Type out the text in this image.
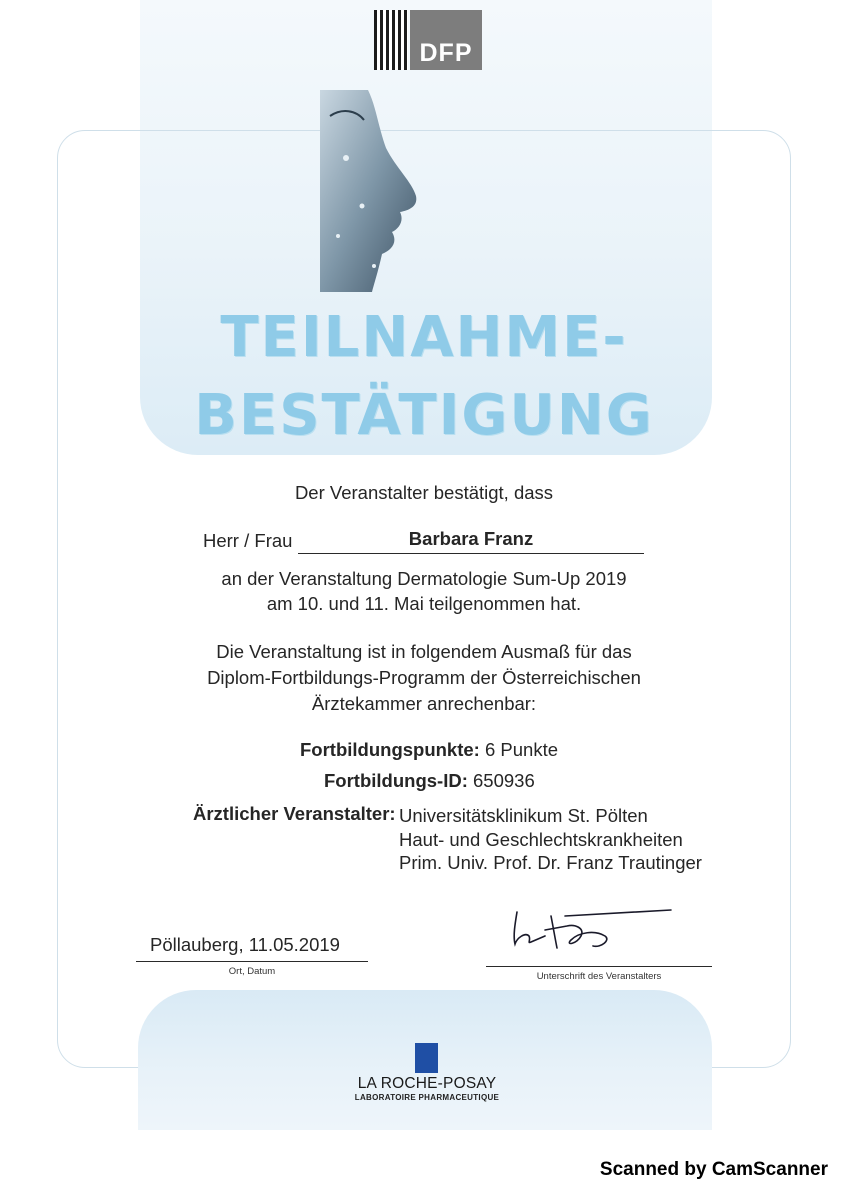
DFP
TEILNAHME-
BESTÄTIGUNG
Der Veranstalter bestätigt, dass
Herr / Frau	Barbara Franz
an der Veranstaltung Dermatologie Sum-Up 2019
am 10. und 11. Mai teilgenommen hat.
Die Veranstaltung ist in folgendem Ausmaß für das
Diplom-Fortbildungs-Programm der Österreichischen
Ärztekammer anrechenbar:
Fortbildungspunkte: 6 Punkte
Fortbildungs-ID: 650936
Ärztlicher Veranstalter: Universitätsklinikum St. Pölten
Haut- und Geschlechtskrankheiten
Prim. Univ. Prof. Dr. Franz Trautinger
Pöllauberg, 11.05.2019
Ort, Datum	Unterschrift des Veranstalters
LA ROCHE-POSAY
LABORATOIRE PHARMACEUTIQUE
Scanned by CamScanner
